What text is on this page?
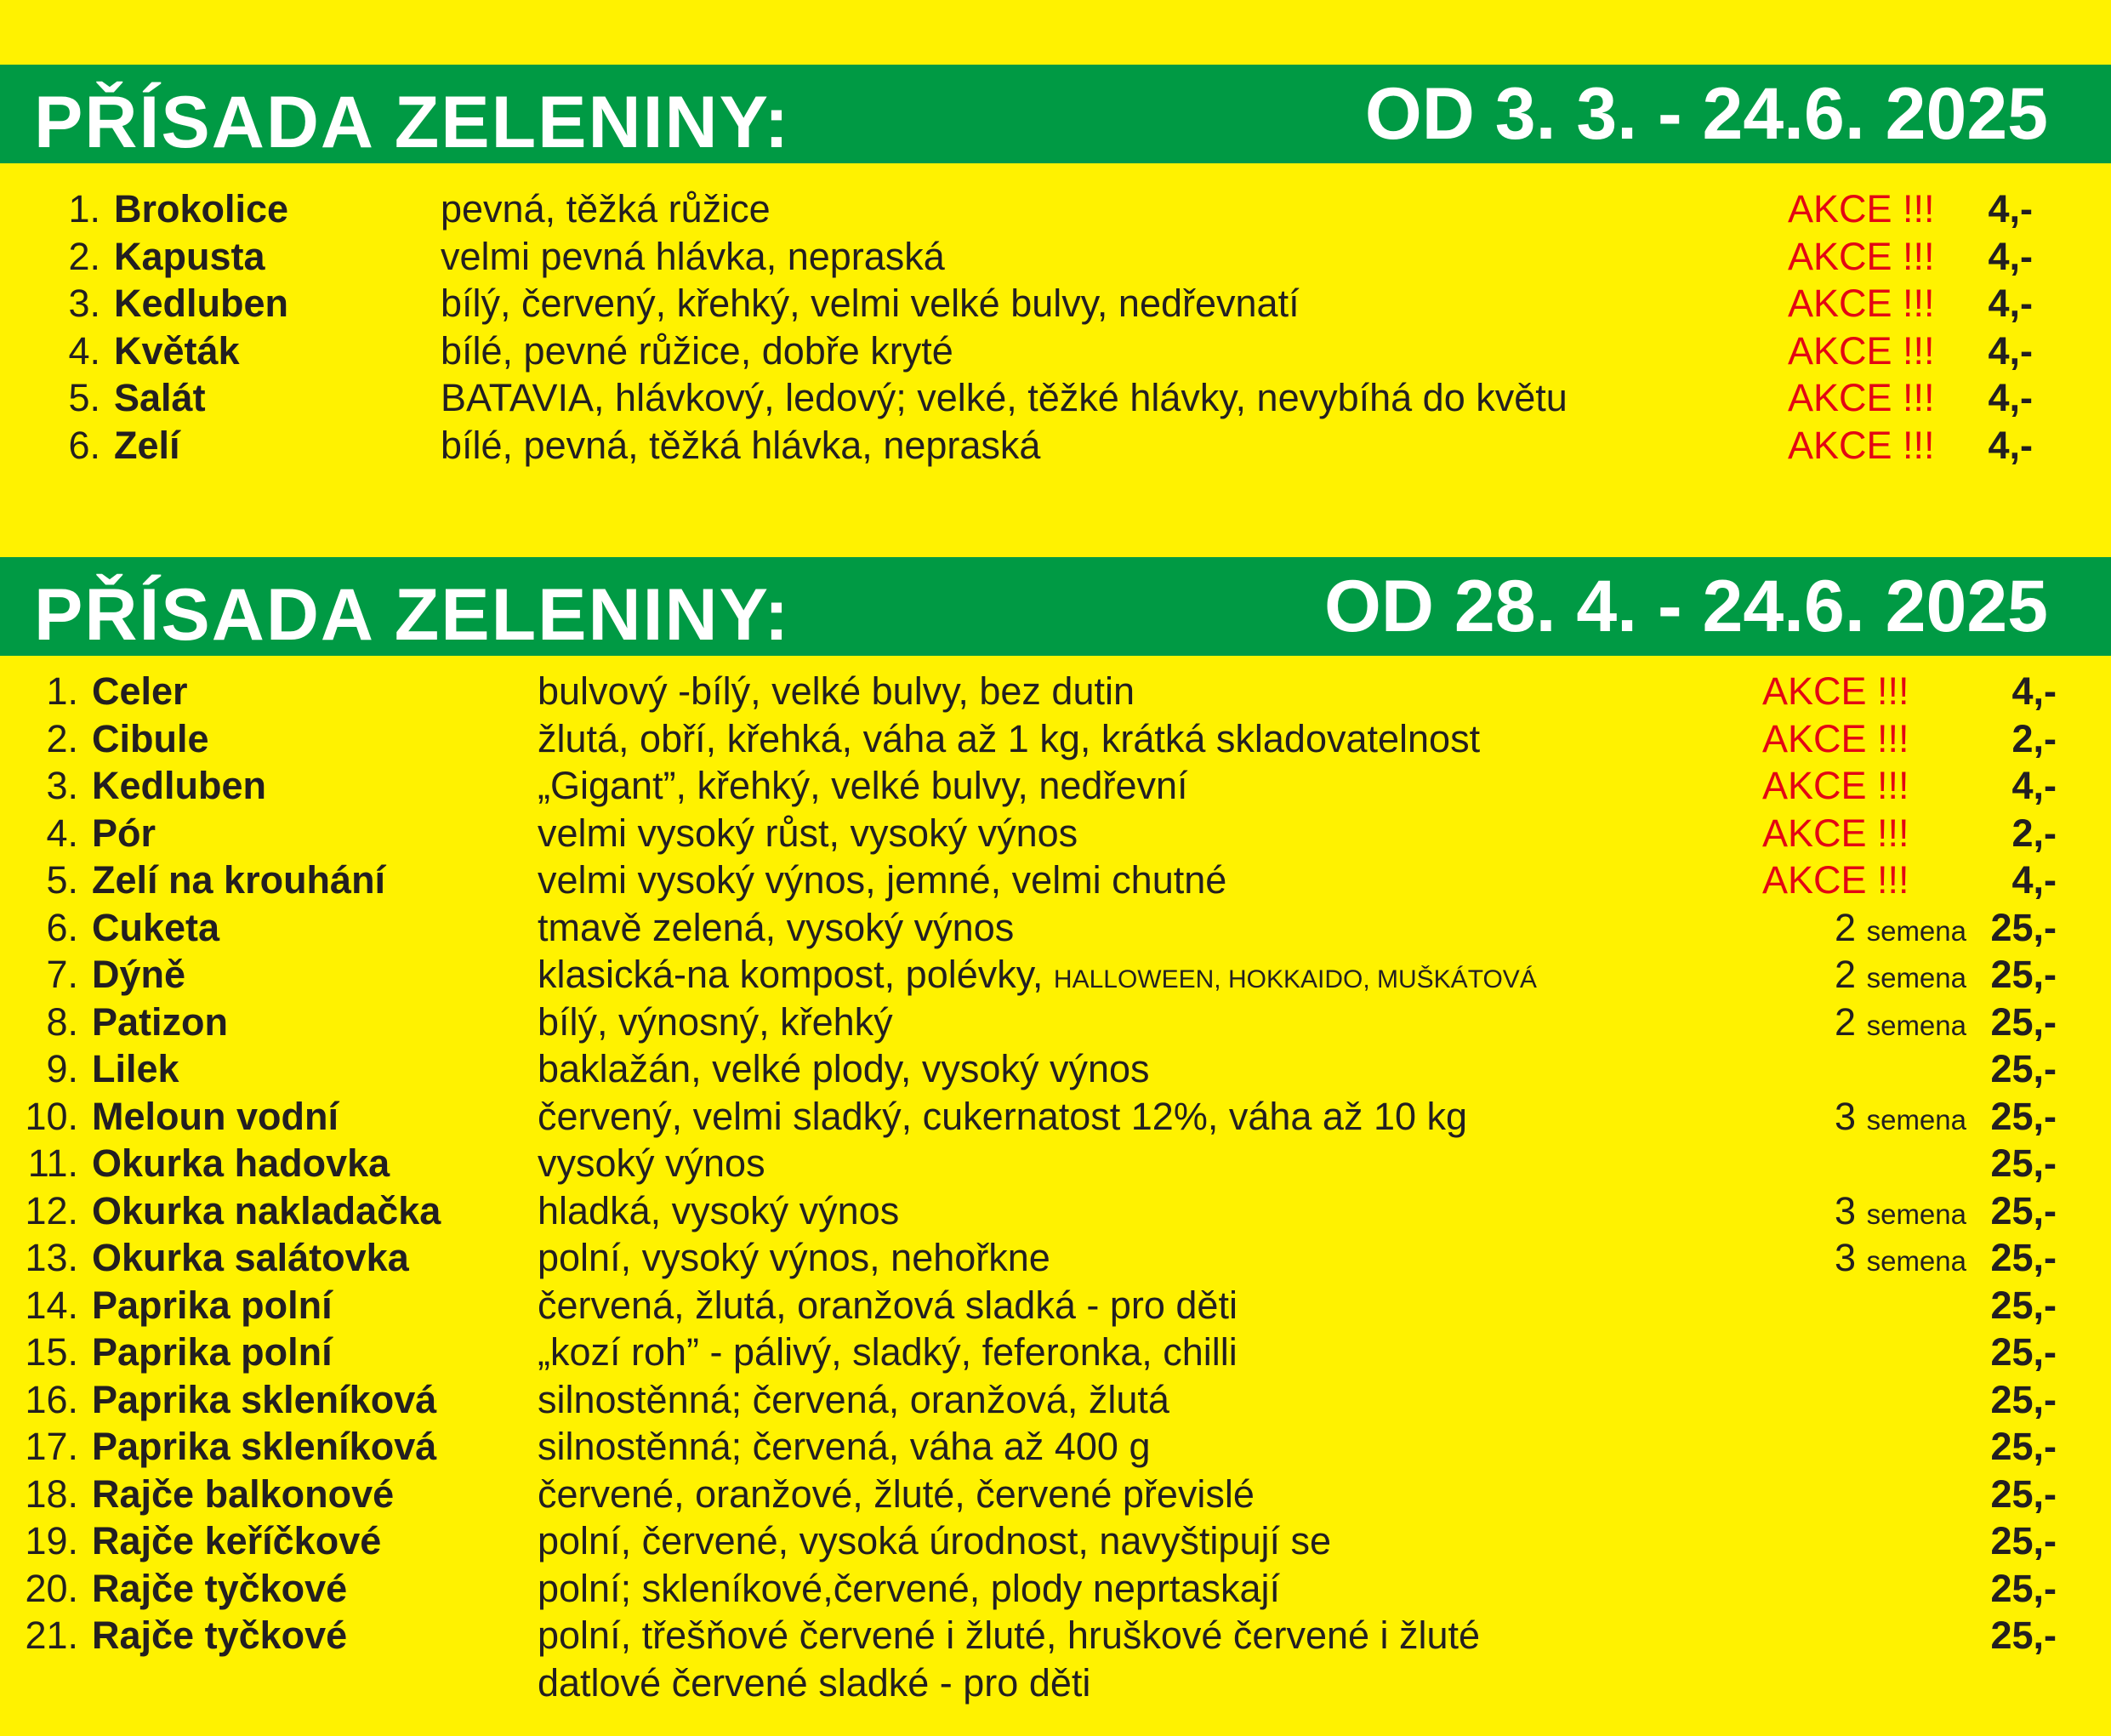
PŘÍSADA ZELENINY:	OD 3. 3. - 24.6. 2025
1. Brokolice	pevná, těžká růžice	AKCE !!!	4,-
2. Kapusta	velmi pevná hlávka, nepraská	AKCE !!!	4,-
3. Kedluben	bílý, červený, křehký, velmi velké bulvy, nedřevnatí	AKCE !!!	4,-
4. Květák	bílé, pevné růžice, dobře kryté	AKCE !!!	4,-
5. Salát	BATAVIA, hlávkový, ledový; velké, těžké hlávky, nevybíhá do květu	AKCE !!!	4,-
6. Zelí	bílé, pevná, těžká hlávka, nepraská	AKCE !!!	4,-
PŘÍSADA ZELENINY:	OD 28. 4. - 24.6. 2025
1. Celer	bulvový -bílý, velké bulvy, bez dutin	AKCE !!!	4,-
2. Cibule	žlutá, obří, křehká, váha až 1 kg, krátká skladovatelnost	AKCE !!!	2,-
3. Kedluben	„Gigant”, křehký, velké bulvy, nedřevní	AKCE !!!	4,-
4. Pór	velmi vysoký růst, vysoký výnos	AKCE !!!	2,-
5. Zelí na krouhání	velmi vysoký výnos, jemné, velmi chutné	AKCE !!!	4,-
6. Cuketa	tmavě zelená, vysoký výnos	2 semena 25,-
7. Dýně	klasická-na kompost, polévky, HALLOWEEN, HOKKAIDO, MUŠKÁTOVÁ	2 semena 25,-
8. Patizon	bílý, výnosný, křehký	2 semena 25,-
9. Lilek	baklažán, velké plody, vysoký výnos	25,-
10. Meloun vodní	červený, velmi sladký, cukernatost 12%, váha až 10 kg	3 semena 25,-
11. Okurka hadovka	vysoký výnos	25,-
12. Okurka nakladačka	hladká, vysoký výnos	3 semena 25,-
13. Okurka salátovka	polní, vysoký výnos, nehořkne	3 semena 25,-
14. Paprika polní	červená, žlutá, oranžová sladká - pro děti	25,-
15. Paprika polní	„kozí roh” - pálivý, sladký, feferonka, chilli	25,-
16. Paprika skleníková	silnostěnná; červená, oranžová, žlutá	25,-
17. Paprika skleníková	silnostěnná; červená, váha až 400 g	25,-
18. Rajče balkonové	červené, oranžové, žluté, červené převislé	25,-
19. Rajče keříčkové	polní, červené, vysoká úrodnost, navyštipují se	25,-
20. Rajče tyčkové	polní; skleníkové,červené, plody neprtaskají	25,-
21. Rajče tyčkové	polní, třešňové červené i žluté, hruškové červené i žluté	25,-
datlové červené sladké - pro děti
